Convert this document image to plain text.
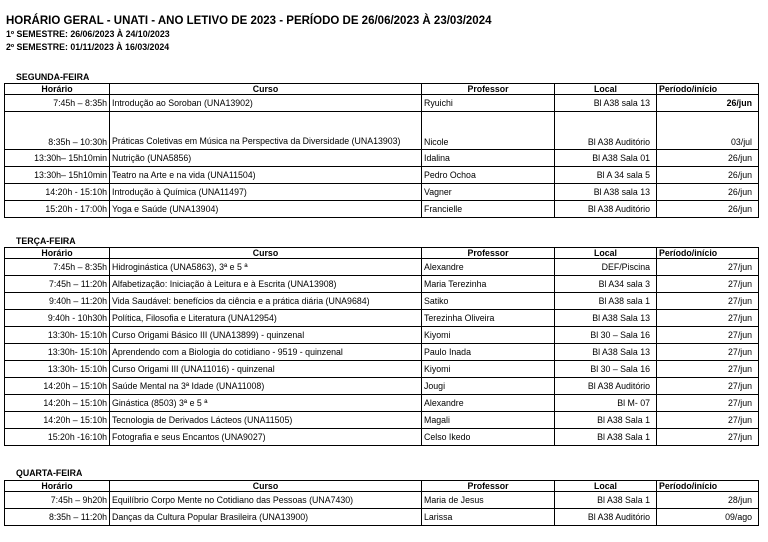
HORÁRIO GERAL - UNATI - ANO LETIVO DE 2023 - PERÍODO DE 26/06/2023 À 23/03/2024
1º SEMESTRE: 26/06/2023 À 24/10/2023
2º SEMESTRE: 01/11/2023 À 16/03/2024
SEGUNDA-FEIRA
Horário	Curso	Professor	Local	Período/início
7:45h – 8:35h	Introdução ao Soroban (UNA13902)	Ryuichi	Bl A38 sala 13	26/jun
8:35h – 10:30h	Práticas Coletivas em Música na Perspectiva da Diversidade (UNA13903)	Nicole	Bl A38 Auditório	03/jul
13:30h– 15h10min	Nutrição (UNA5856)	Idalina	Bl A38 Sala 01	26/jun
13:30h– 15h10min	Teatro na Arte e na vida (UNA11504)	Pedro Ochoa	Bl A 34 sala 5	26/jun
14:20h - 15:10h	Introdução à Química (UNA11497)	Vagner	Bl A38 sala 13	26/jun
15:20h - 17:00h	Yoga e Saúde (UNA13904)	Francielle	Bl A38 Auditório	26/jun
TERÇA-FEIRA
Horário	Curso	Professor	Local	Período/início
7:45h – 8:35h	Hidroginástica (UNA5863), 3ª e 5 ª	Alexandre	DEF/Piscina	27/jun
7:45h – 11:20h	Alfabetização: Iniciação à Leitura e à Escrita (UNA13908)	Maria Terezinha	Bl A34 sala 3	27/jun
9:40h – 11:20h	Vida Saudável: benefícios da ciência e a prática diária (UNA9684)	Satiko	Bl A38 sala 1	27/jun
9:40h - 10h30h	Política, Filosofia e Literatura (UNA12954)	Terezinha Oliveira	Bl A38 Sala 13	27/jun
13:30h- 15:10h	Curso Origami Básico III (UNA13899) - quinzenal	Kiyomi	Bl 30 – Sala 16	27/jun
13:30h- 15:10h	Aprendendo com a Biologia do cotidiano - 9519 - quinzenal	Paulo Inada	Bl A38 Sala 13	27/jun
13:30h- 15:10h	Curso Origami III (UNA11016) - quinzenal	Kiyomi	Bl 30 – Sala 16	27/jun
14:20h – 15:10h	Saúde Mental na 3ª Idade (UNA11008)	Jougi	Bl A38 Auditório	27/jun
14:20h – 15:10h	Ginástica (8503) 3ª e 5 ª	Alexandre	Bl M- 07	27/jun
14:20h – 15:10h	Tecnologia de Derivados Lácteos (UNA11505)	Magali	Bl A38 Sala 1	27/jun
15:20h -16:10h	Fotografia e seus Encantos (UNA9027)	Celso Ikedo	Bl A38 Sala 1	27/jun
QUARTA-FEIRA
Horário	Curso	Professor	Local	Período/início
7:45h – 9h20h	Equilíbrio Corpo Mente no Cotidiano das Pessoas (UNA7430)	Maria de Jesus	Bl A38 Sala 1	28/jun
8:35h – 11:20h	Danças da Cultura Popular Brasileira (UNA13900)	Larissa	Bl A38 Auditório	09/ago
